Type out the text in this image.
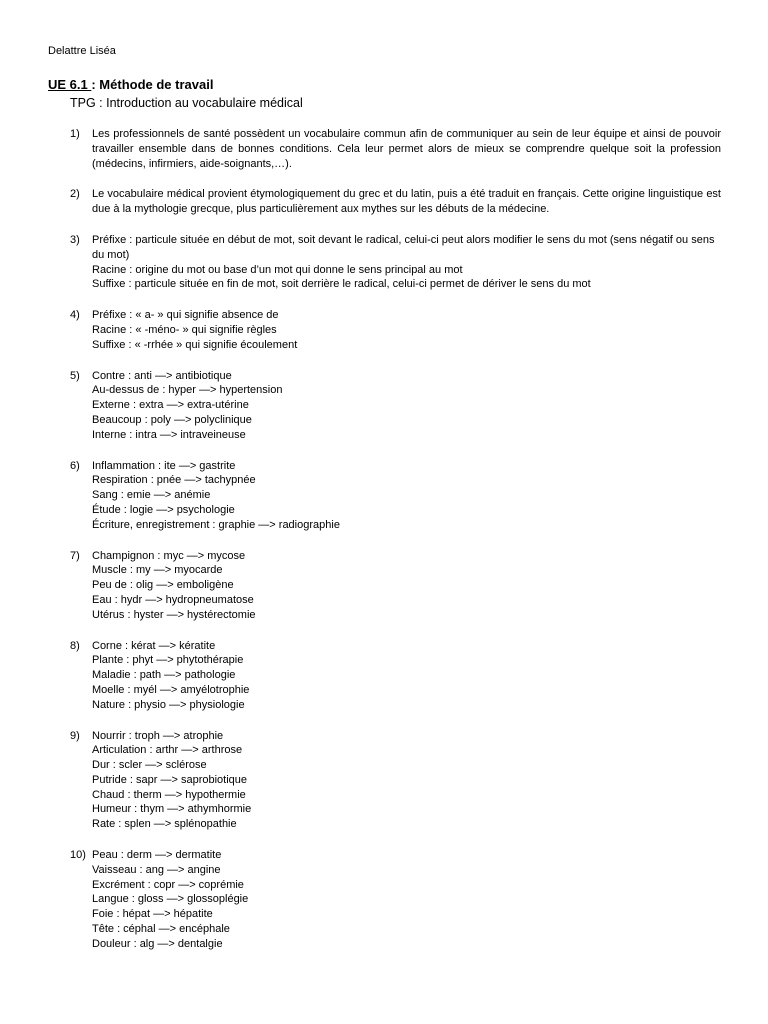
Delattre Liséa
UE 6.1 : Méthode de travail
TPG : Introduction au vocabulaire médical
1)	Les professionnels de santé possèdent un vocabulaire commun afin de communiquer au sein de leur équipe et ainsi de pouvoir travailler ensemble dans de bonnes conditions. Cela leur permet alors de mieux se comprendre quelque soit la profession (médecins, infirmiers, aide-soignants,…).
2)	Le vocabulaire médical provient étymologiquement du grec et du latin, puis a été traduit en français. Cette origine linguistique est due à la mythologie grecque, plus particulièrement aux mythes sur les débuts de la médecine.
3)	Préfixe : particule située en début de mot, soit devant le radical, celui-ci peut alors modifier le sens du mot (sens négatif ou sens du mot)
Racine : origine du mot ou base d’un mot qui donne le sens principal au mot
Suffixe : particule située en fin de mot, soit derrière le radical, celui-ci permet de dériver le sens du mot
4)	Préfixe : « a- » qui signifie absence de
Racine : « -méno- » qui signifie règles
Suffixe : « -rrhée » qui signifie écoulement
5)	Contre : anti —> antibiotique
Au-dessus de : hyper —> hypertension
Externe : extra —> extra-utérine
Beaucoup : poly —> polyclinique
Interne : intra —> intraveineuse
6)	Inflammation : ite —> gastrite
Respiration : pnée —> tachypnée
Sang : emie —> anémie
Étude : logie —> psychologie
Écriture, enregistrement : graphie —> radiographie
7)	Champignon : myc —> mycose
Muscle : my —> myocarde
Peu de : olig —> emboligène
Eau : hydr —> hydropneumatose
Utérus : hyster —> hystérectomie
8)	Corne : kérat —> kératite
Plante : phyt —> phytothérapie
Maladie : path —> pathologie
Moelle : myél —> amyélotrophie
Nature : physio —> physiologie
9)	Nourrir : troph —> atrophie
Articulation : arthr —> arthrose
Dur : scler —> sclérose
Putride : sapr —> saprobiotique
Chaud : therm —> hypothermie
Humeur : thym —> athymhormie
Rate : splen —> splénopathie
10) Peau : derm —> dermatite
Vaisseau : ang —> angine
Excrément : copr —> coprémie
Langue : gloss —> glossoplégie
Foie : hépat —> hépatite
Tête : céphal —> encéphale
Douleur : alg —> dentalgie
